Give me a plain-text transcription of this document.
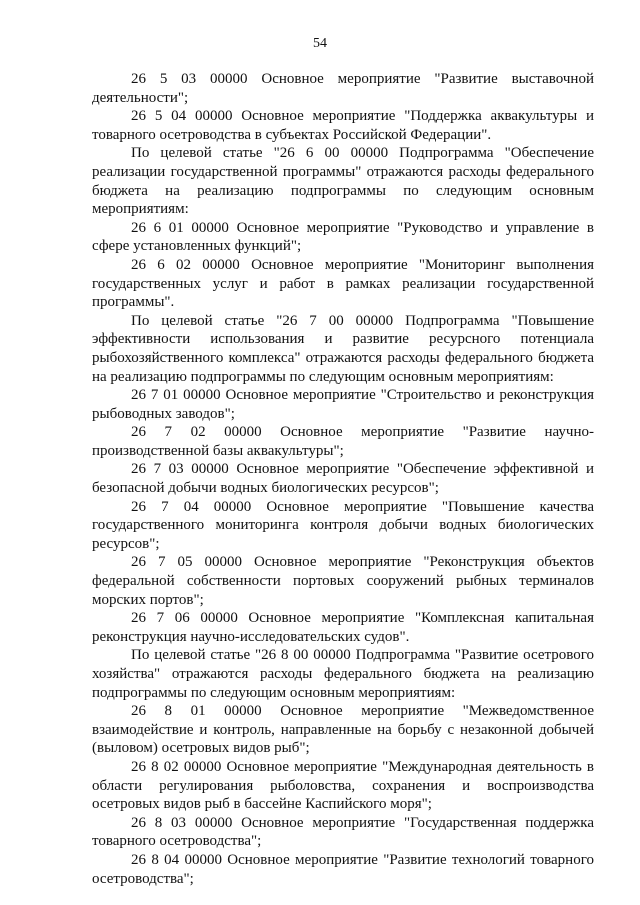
54

26 5 03 00000 Основное мероприятие "Развитие выставочной деятельности";

26 5 04 00000 Основное мероприятие "Поддержка аквакультуры и товарного осетроводства в субъектах Российской Федерации".

По целевой статье "26 6 00 00000 Подпрограмма "Обеспечение реализации государственной программы" отражаются расходы федерального бюджета на реализацию подпрограммы по следующим основным мероприятиям:

26 6 01 00000 Основное мероприятие "Руководство и управление в сфере установленных функций";

26 6 02 00000 Основное мероприятие "Мониторинг выполнения государственных услуг и работ в рамках реализации государственной программы".

По целевой статье "26 7 00 00000 Подпрограмма "Повышение эффективности использования и развитие ресурсного потенциала рыбохозяйственного комплекса" отражаются расходы федерального бюджета на реализацию подпрограммы по следующим основным мероприятиям:

26 7 01 00000 Основное мероприятие "Строительство и реконструкция рыбоводных заводов";

26 7 02 00000 Основное мероприятие "Развитие научно-производственной базы аквакультуры";

26 7 03 00000 Основное мероприятие "Обеспечение эффективной и безопасной добычи водных биологических ресурсов";

26 7 04 00000 Основное мероприятие "Повышение качества государственного мониторинга контроля добычи водных биологических ресурсов";

26 7 05 00000 Основное мероприятие "Реконструкция объектов федеральной собственности портовых сооружений рыбных терминалов морских портов";

26 7 06 00000 Основное мероприятие "Комплексная капитальная реконструкция научно-исследовательских судов".

По целевой статье "26 8 00 00000 Подпрограмма "Развитие осетрового хозяйства" отражаются расходы федерального бюджета на реализацию подпрограммы по следующим основным мероприятиям:

26 8 01 00000 Основное мероприятие "Межведомственное взаимодействие и контроль, направленные на борьбу с незаконной добычей (выловом) осетровых видов рыб";

26 8 02 00000 Основное мероприятие "Международная деятельность в области регулирования рыболовства, сохранения и воспроизводства осетровых видов рыб в бассейне Каспийского моря";

26 8 03 00000 Основное мероприятие "Государственная поддержка товарного осетроводства";

26 8 04 00000 Основное мероприятие "Развитие технологий товарного осетроводства";
